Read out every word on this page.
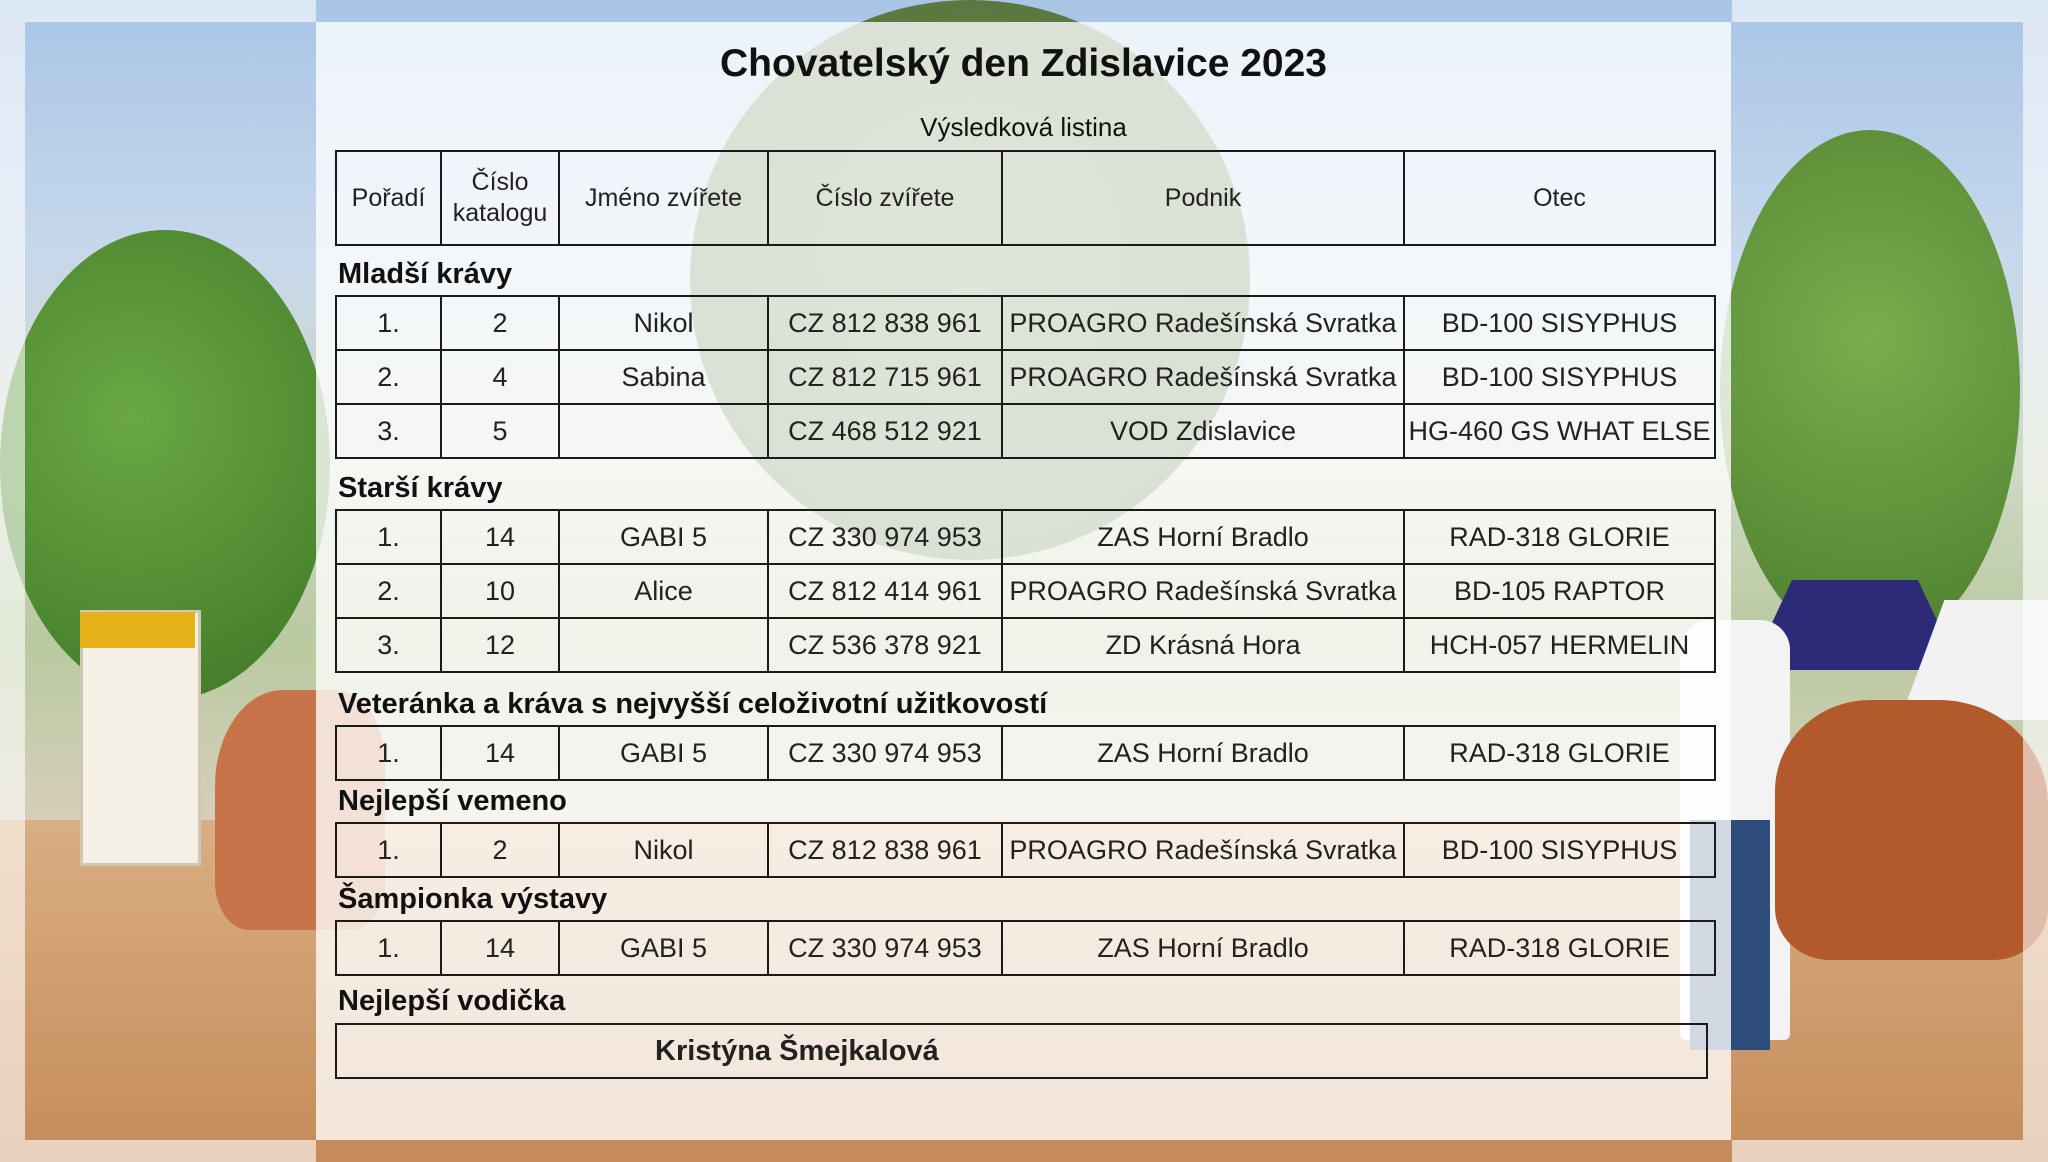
Chovatelský den Zdislavice 2023
Výsledková listina
Pořadí	Číslo katalogu	Jméno zvířete	Číslo zvířete	Podnik	Otec
Kristýna Šmejkalová
Mladší krávy
1.	2	Nikol	CZ 812 838 961	PROAGRO Radešínská Svratka	BD-100 SISYPHUS
2.	4	Sabina	CZ 812 715 961	PROAGRO Radešínská Svratka	BD-100 SISYPHUS
3.	5		CZ 468 512 921	VOD Zdislavice	HG-460 GS WHAT ELSE
Starší krávy
1.	14	GABI 5	CZ 330 974 953	ZAS Horní Bradlo	RAD-318 GLORIE
2.	10	Alice	CZ 812 414 961	PROAGRO Radešínská Svratka	BD-105 RAPTOR
3.	12		CZ 536 378 921	ZD Krásná Hora	HCH-057 HERMELIN
Veteránka a kráva s nejvyšší celoživotní užitkovostí
1.	14	GABI 5	CZ 330 974 953	ZAS Horní Bradlo	RAD-318 GLORIE
Nejlepší vemeno
1.	2	Nikol	CZ 812 838 961	PROAGRO Radešínská Svratka	BD-100 SISYPHUS
Šampionka výstavy
1.	14	GABI 5	CZ 330 974 953	ZAS Horní Bradlo	RAD-318 GLORIE
Nejlepší vodička
